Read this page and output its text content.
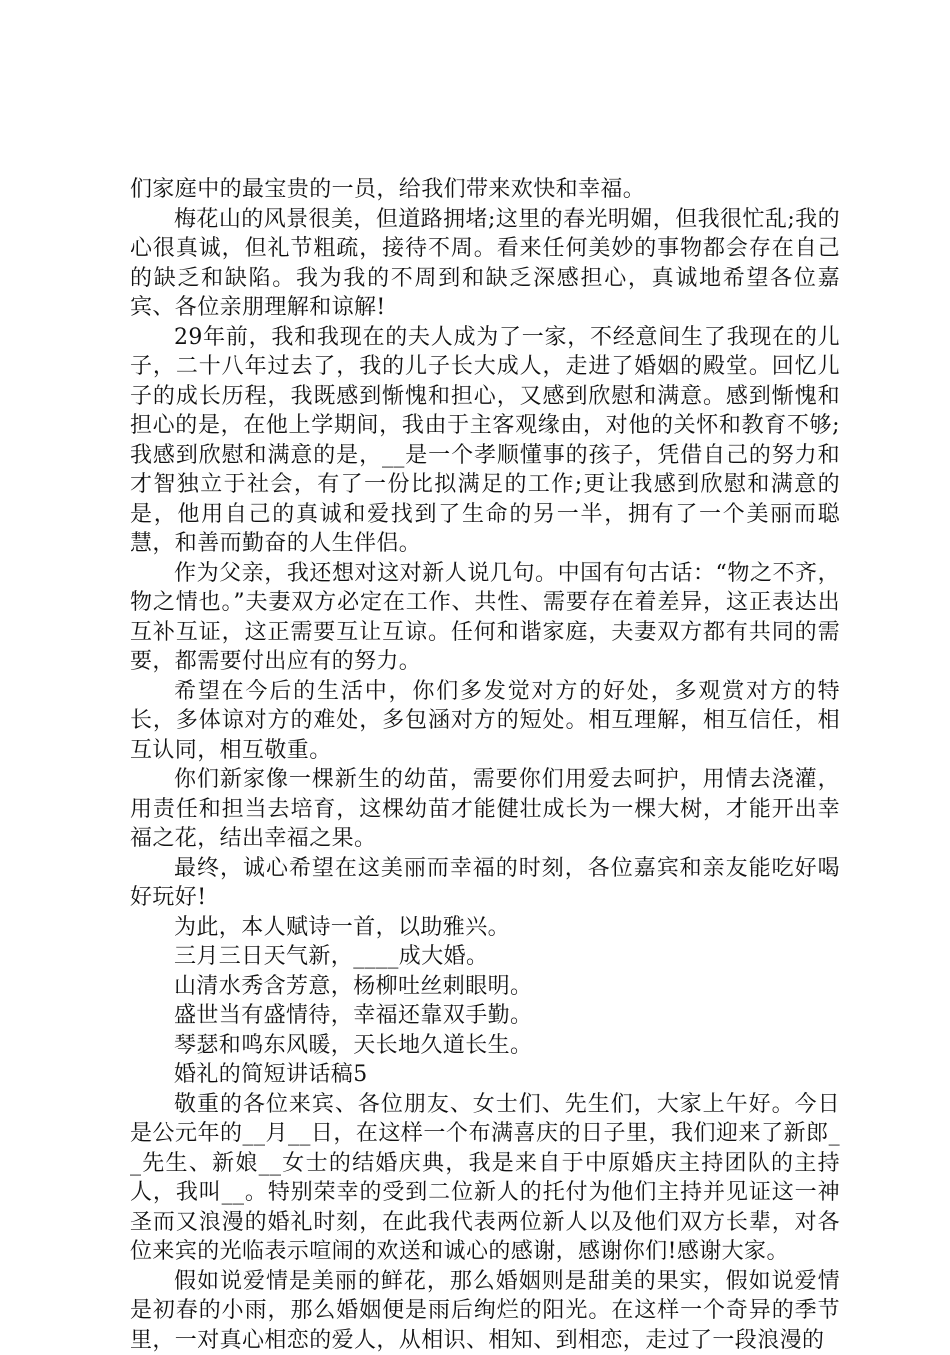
们家庭中的最宝贵的一员，给我们带来欢快和幸福。

梅花山的风景很美，但道路拥堵;这里的春光明媚，但我很忙乱;我的心很真诚，但礼节粗疏，接待不周。看来任何美妙的事物都会存在自己的缺乏和缺陷。我为我的不周到和缺乏深感担心，真诚地希望各位嘉宾、各位亲朋理解和谅解!

29年前，我和我现在的夫人成为了一家，不经意间生了我现在的儿子，二十八年过去了，我的儿子长大成人，走进了婚姻的殿堂。回忆儿子的成长历程，我既感到惭愧和担心，又感到欣慰和满意。感到惭愧和担心的是，在他上学期间，我由于主客观缘由，对他的关怀和教育不够;我感到欣慰和满意的是，__是一个孝顺懂事的孩子，凭借自己的努力和才智独立于社会，有了一份比拟满足的工作;更让我感到欣慰和满意的是，他用自己的真诚和爱找到了生命的另一半，拥有了一个美丽而聪慧，和善而勤奋的人生伴侣。

作为父亲，我还想对这对新人说几句。中国有句古话：“物之不齐，物之情也。”夫妻双方必定在工作、共性、需要存在着差异，这正表达出互补互证，这正需要互让互谅。任何和谐家庭，夫妻双方都有共同的需要，都需要付出应有的努力。

希望在今后的生活中，你们多发觉对方的好处，多观赏对方的特长，多体谅对方的难处，多包涵对方的短处。相互理解，相互信任，相互认同，相互敬重。

你们新家像一棵新生的幼苗，需要你们用爱去呵护，用情去浇灌，用责任和担当去培育，这棵幼苗才能健壮成长为一棵大树，才能开出幸福之花，结出幸福之果。

最终，诚心希望在这美丽而幸福的时刻，各位嘉宾和亲友能吃好喝好玩好!

为此，本人赋诗一首，以助雅兴。

三月三日天气新，____成大婚。

山清水秀含芳意，杨柳吐丝刺眼明。

盛世当有盛情待，幸福还靠双手勤。

琴瑟和鸣东风暖，天长地久道长生。

婚礼的简短讲话稿5

敬重的各位来宾、各位朋友、女士们、先生们，大家上午好。今日是公元年的__月__日，在这样一个布满喜庆的日子里，我们迎来了新郎__先生、新娘__女士的结婚庆典，我是来自于中原婚庆主持团队的主持人，我叫__。特别荣幸的受到二位新人的托付为他们主持并见证这一神圣而又浪漫的婚礼时刻，在此我代表两位新人以及他们双方长辈，对各位来宾的光临表示喧闹的欢送和诚心的感谢，感谢你们!感谢大家。

假如说爱情是美丽的鲜花，那么婚姻则是甜美的果实，假如说爱情是初春的小雨，那么婚姻便是雨后绚烂的阳光。在这样一个奇异的季节里，一对真心相恋的爱人，从相识、相知、到相恋，走过了一段浪漫的
